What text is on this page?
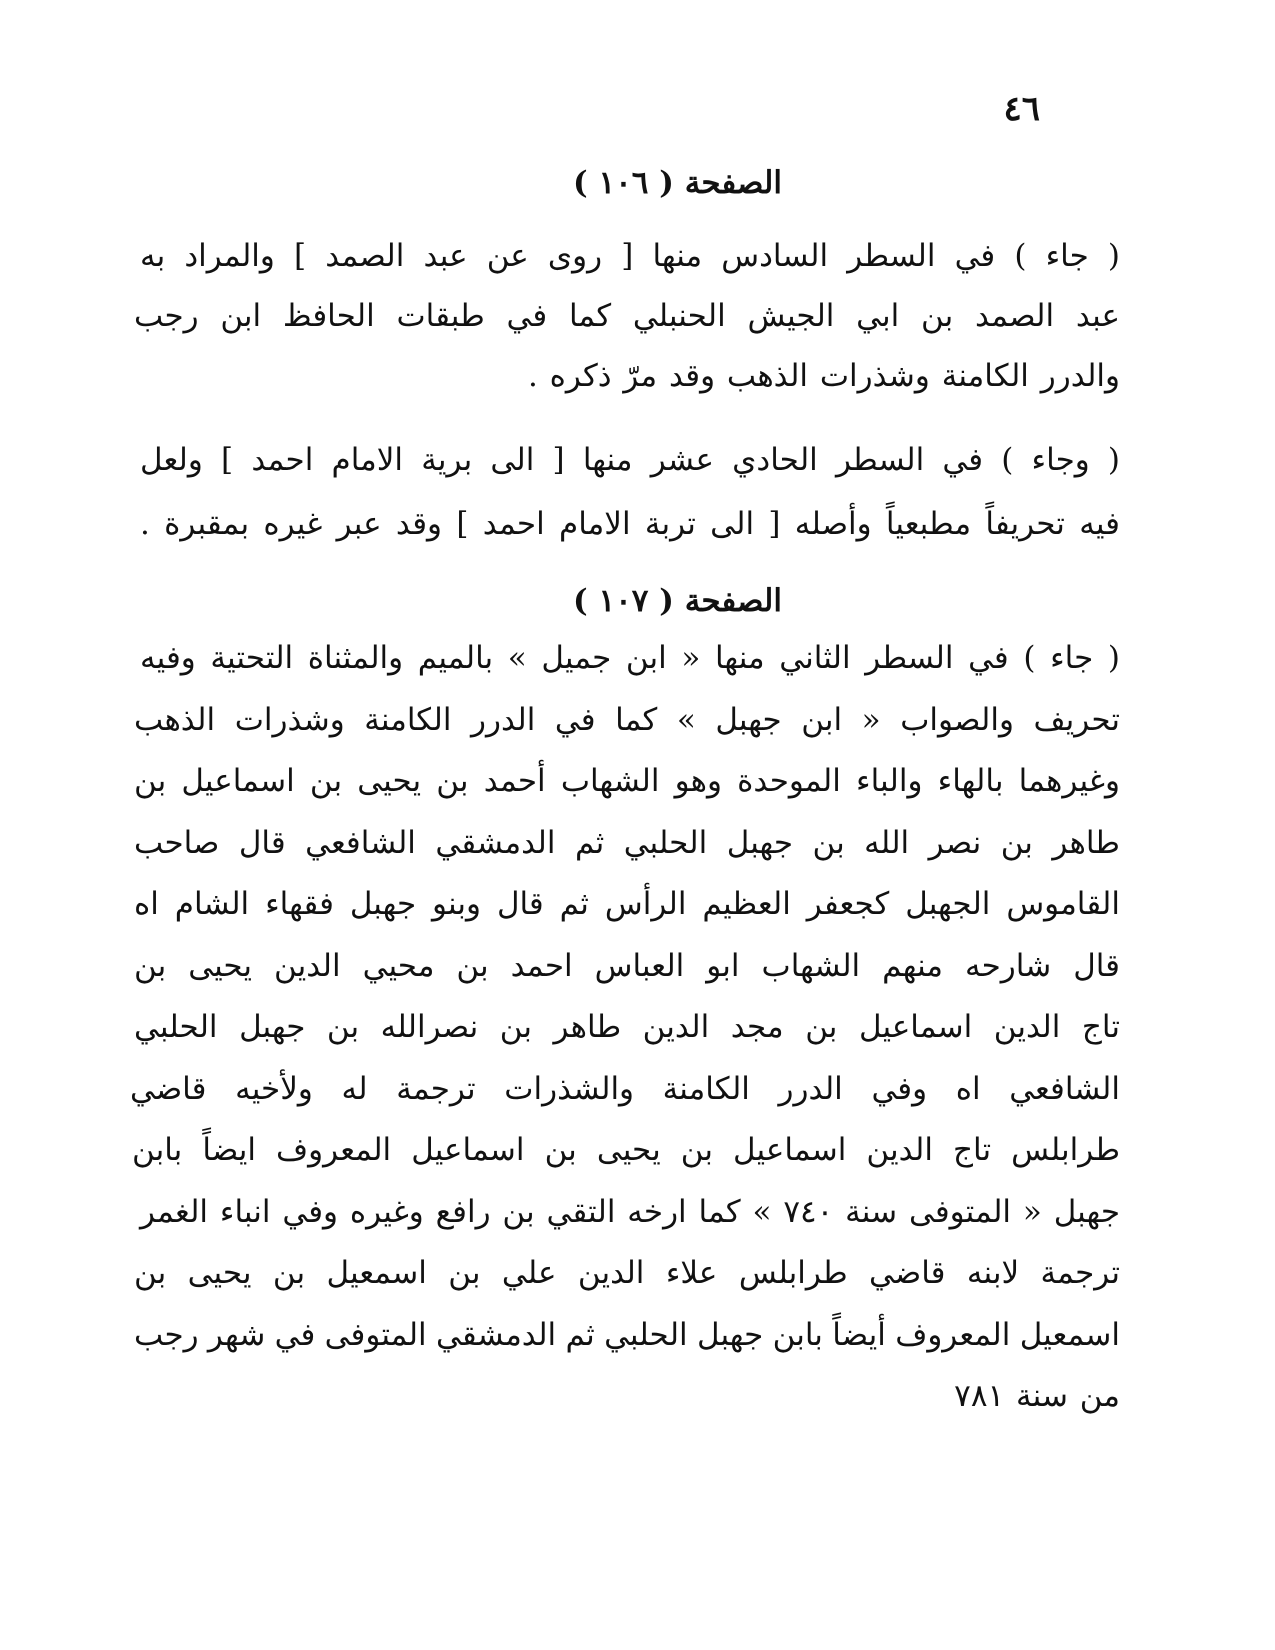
٤٦
الصفحة ( ١٠٦ )
( جاء ) في السطر السادس منها [ روى عن عبد الصمد ] والمراد به
عبد الصمد بن ابي الجيش الحنبلي كما في طبقات الحافظ ابن رجب
والدرر الكامنة وشذرات الذهب وقد مرّ ذكره .
( وجاء ) في السطر الحادي عشر منها [ الى برية الامام احمد ] ولعل
فيه تحريفاً مطبعياً وأصله [ الى تربة الامام احمد ] وقد عبر غيره بمقبرة .
الصفحة ( ١٠٧ )
( جاء ) في السطر الثاني منها « ابن جميل » بالميم والمثناة التحتية وفيه
تحريف والصواب « ابن جهبل » كما في الدرر الكامنة وشذرات الذهب
وغيرهما بالهاء والباء الموحدة وهو الشهاب أحمد بن يحيى بن اسماعيل بن
طاهر بن نصر الله بن جهبل الحلبي ثم الدمشقي الشافعي قال صاحب
القاموس الجهبل كجعفر العظيم الرأس ثم قال وبنو جهبل فقهاء الشام اه
قال شارحه منهم الشهاب ابو العباس احمد بن محيي الدين يحيى بن
تاج الدين اسماعيل بن مجد الدين طاهر بن نصرالله بن جهبل الحلبي
الشافعي اه وفي الدرر الكامنة والشذرات ترجمة له ولأخيه قاضي
طرابلس تاج الدين اسماعيل بن يحيى بن اسماعيل المعروف ايضاً بابن
جهبل « المتوفى سنة ٧٤٠ » كما ارخه التقي بن رافع وغيره وفي انباء الغمر
ترجمة لابنه قاضي طرابلس علاء الدين علي بن اسمعيل بن يحيى بن
اسمعيل المعروف أيضاً بابن جهبل الحلبي ثم الدمشقي المتوفى في شهر رجب
من سنة ٧٨١
